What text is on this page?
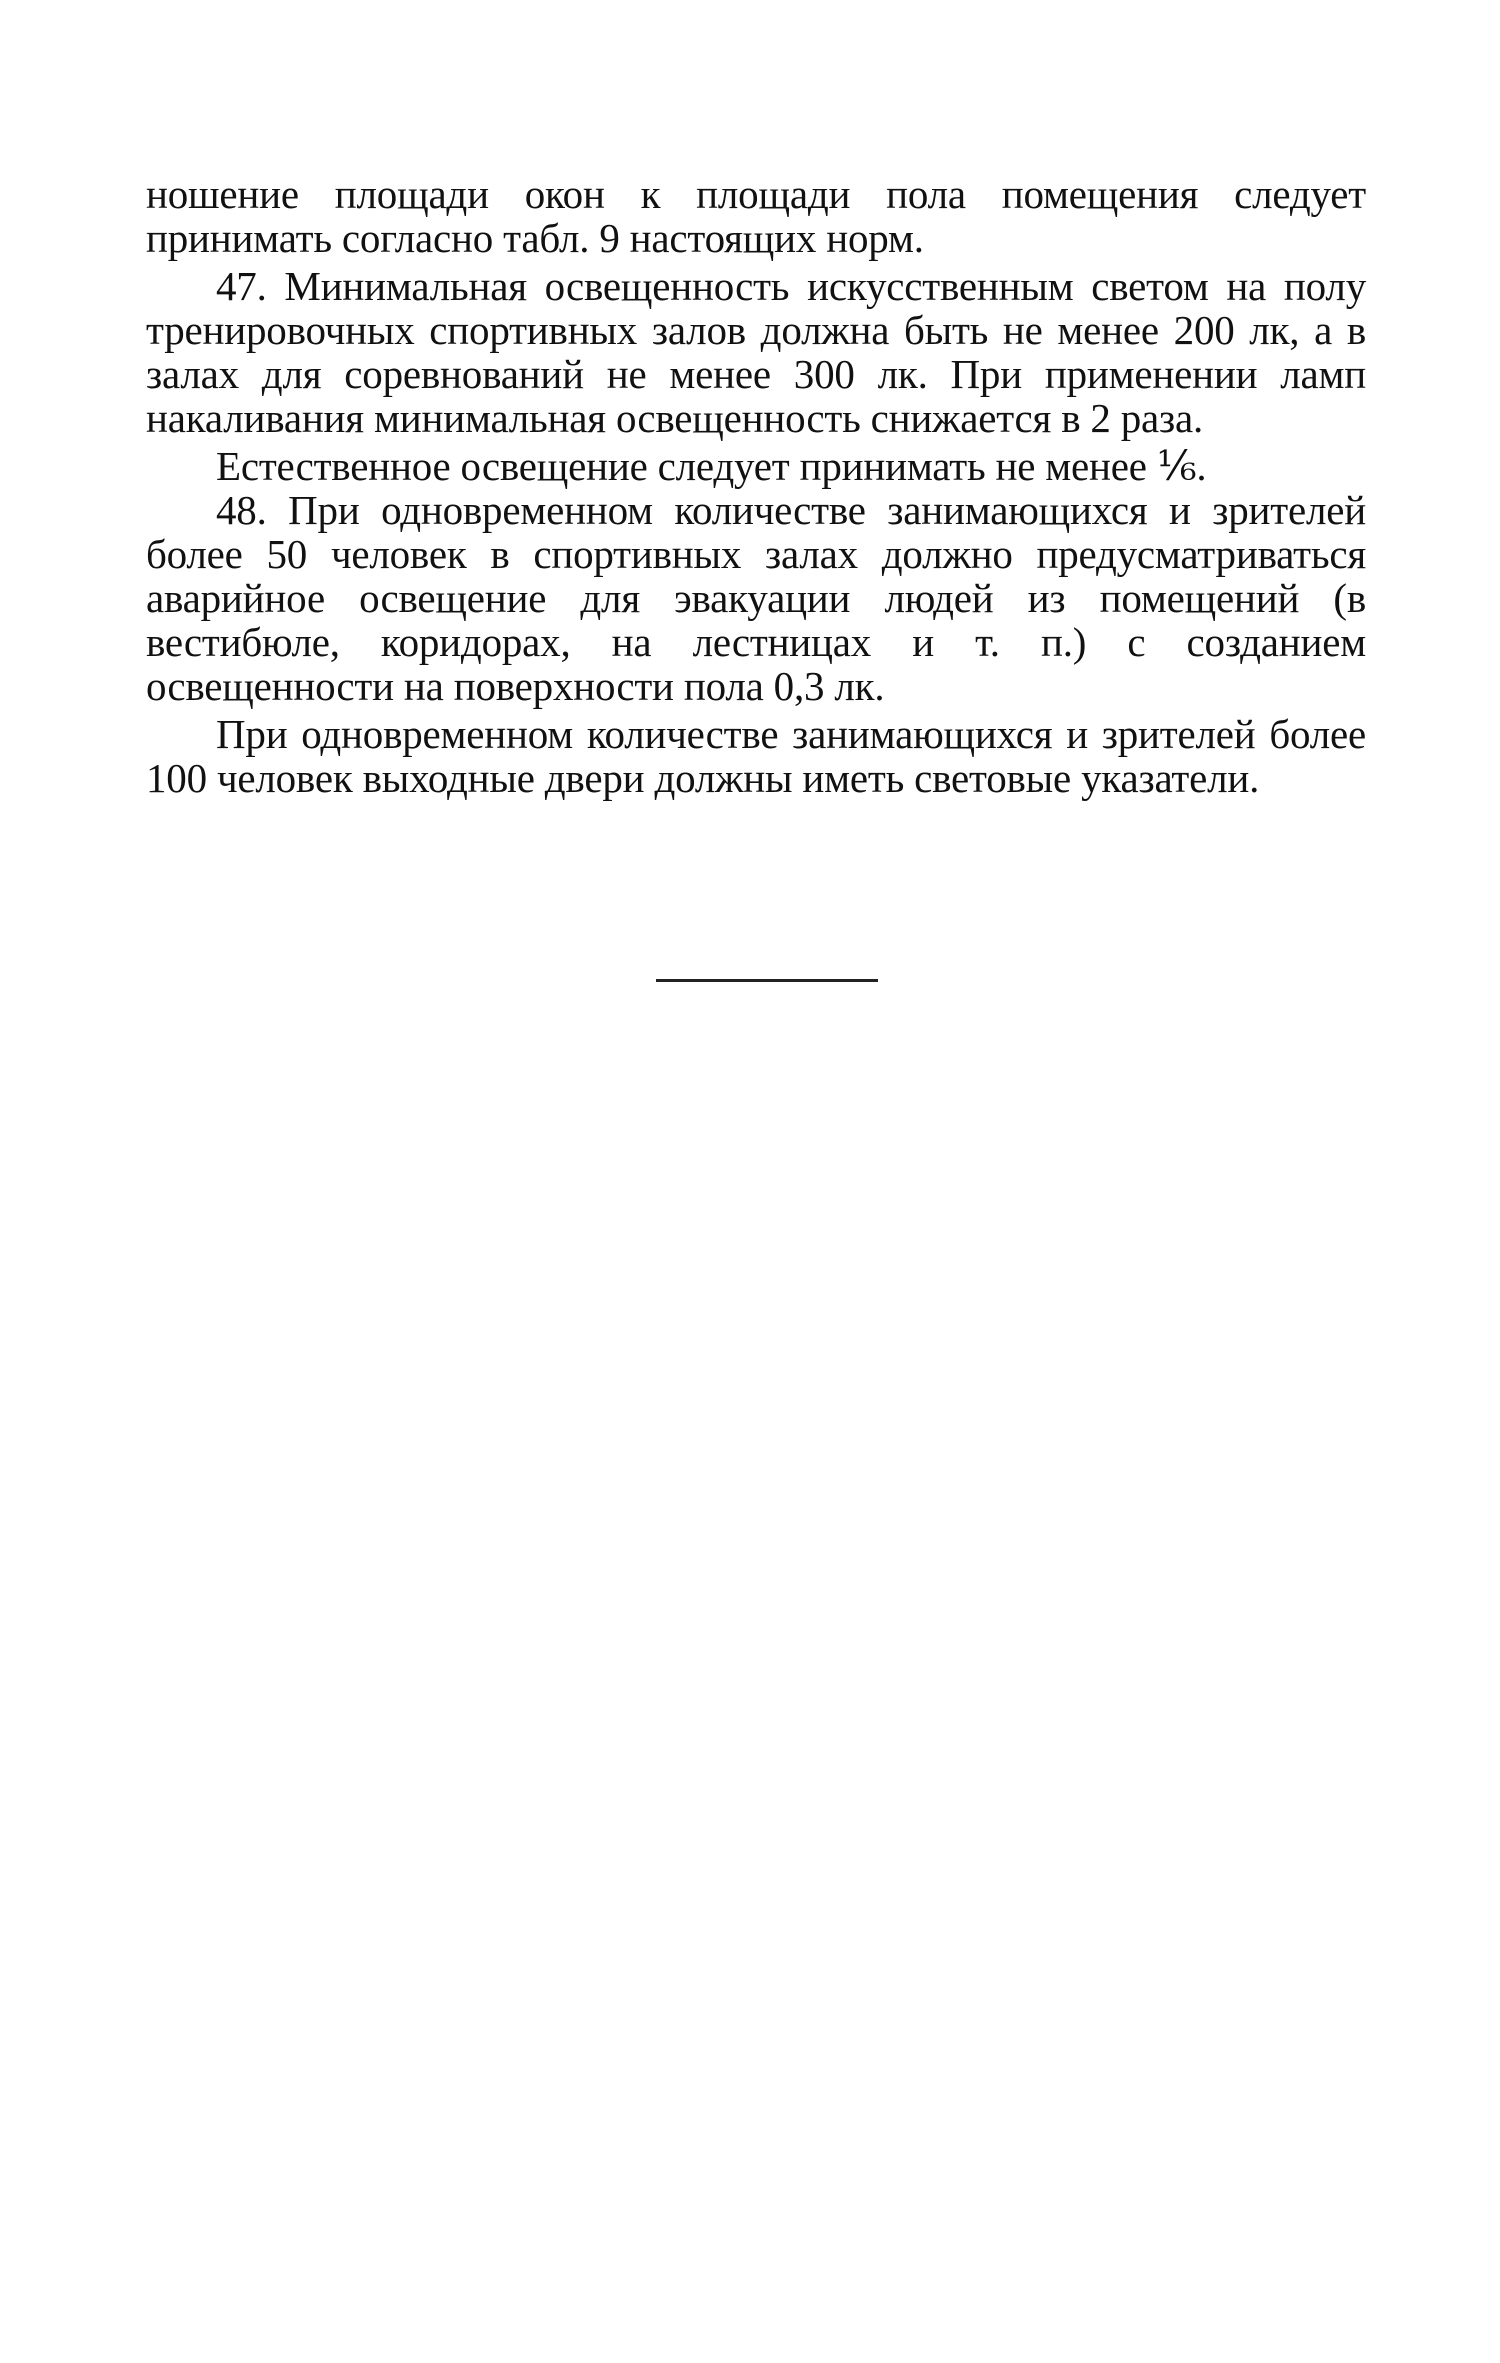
ношение площади окон к площади пола помещения следует принимать согласно табл. 9 настоящих норм.

47. Минимальная освещенность искусственным светом на полу тренировочных спортивных залов должна быть не менее 200 лк, а в залах для соревнований не менее 300 лк. При применении ламп накаливания минимальная освещенность снижается в 2 раза.

Естественное освещение следует принимать не менее ⅙.

48. При одновременном количестве занимающихся и зрителей более 50 человек в спортивных залах должно предусматриваться аварийное освещение для эвакуации людей из помещений (в вестибюле, коридорах, на лестницах и т. п.) с созданием освещенности на поверхности пола 0,3 лк.

При одновременном количестве занимающихся и зрителей более 100 человек выходные двери должны иметь световые указатели.
